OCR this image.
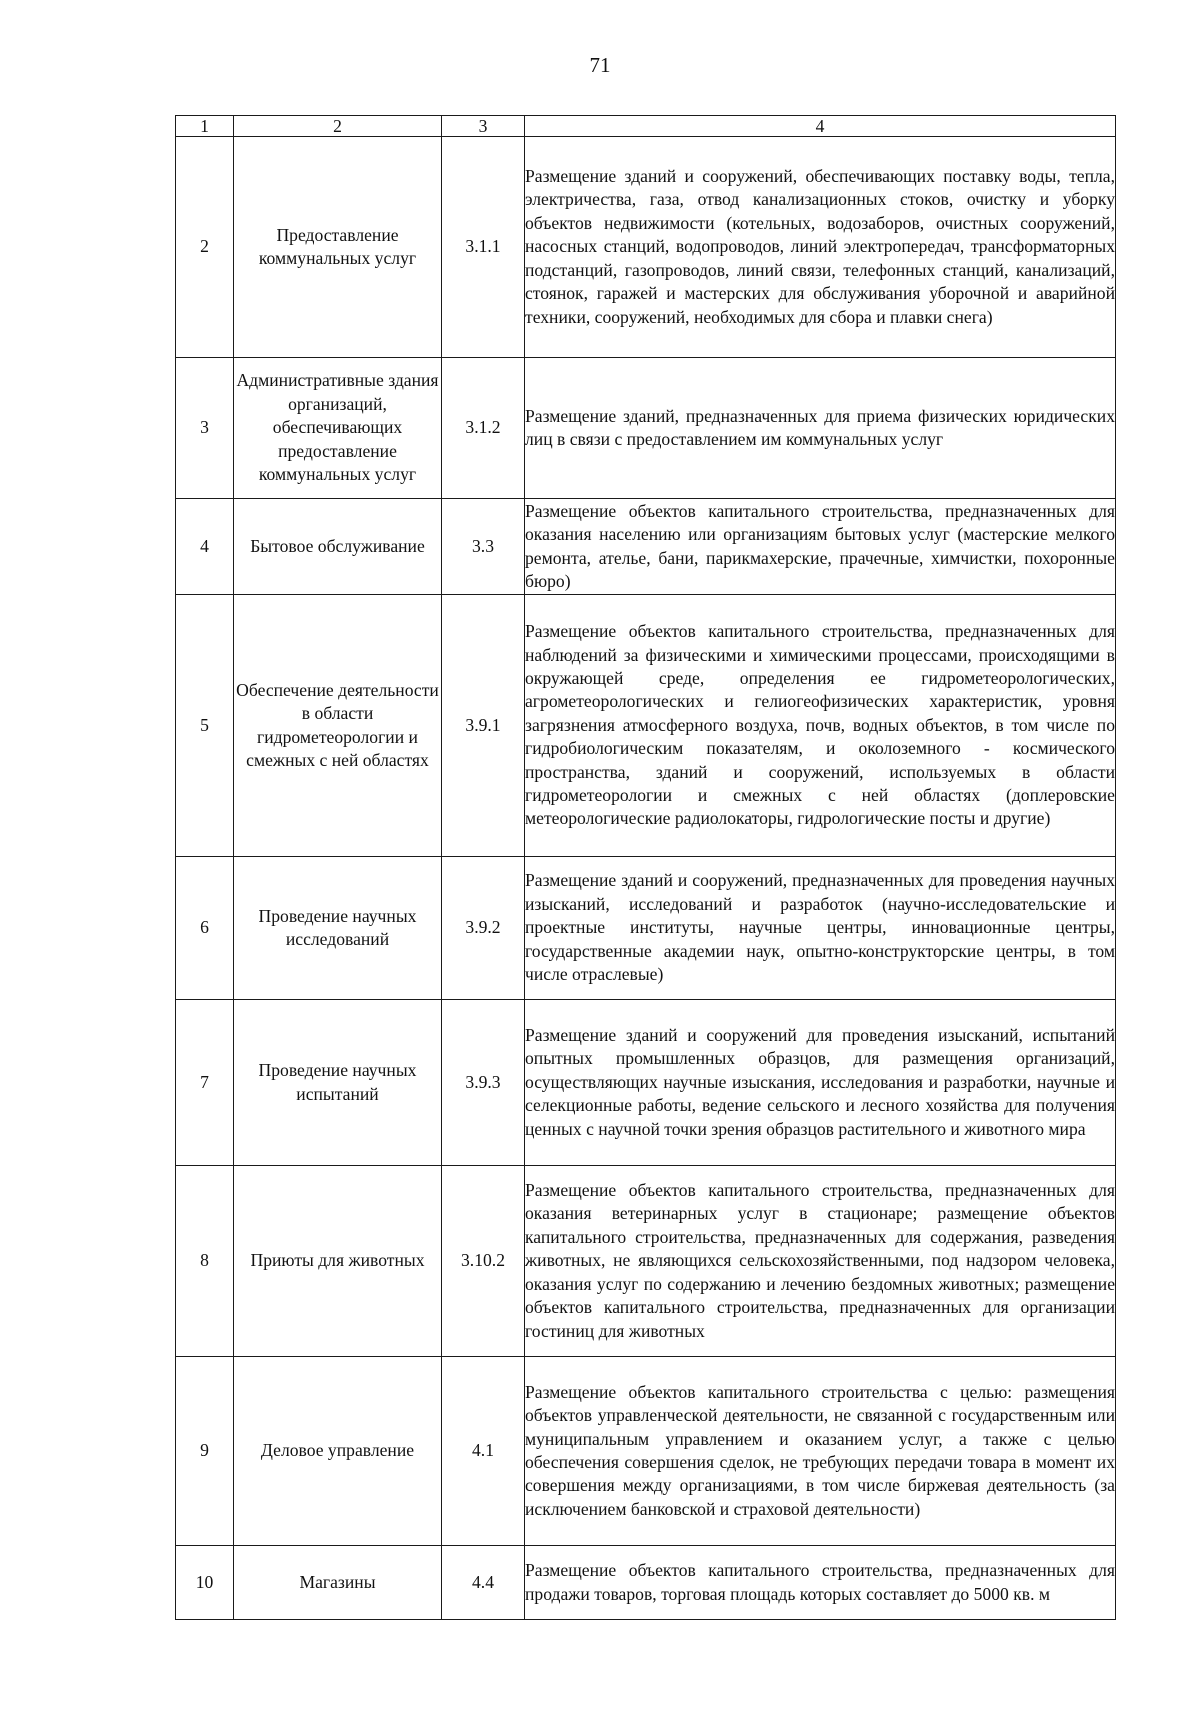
71
1	2	3	4
2	Предоставление коммунальных услуг	3.1.1	Размещение зданий и сооружений, обеспечивающих поставку воды, тепла, электричества, газа, отвод канализационных стоков, очистку и уборку объектов недвижимости (котельных, водозаборов, очистных сооружений, насосных станций, водопроводов, линий электропередач, трансформаторных подстанций, газопроводов, линий связи, телефонных станций, канализаций, стоянок, гаражей и мастерских для обслуживания уборочной и аварийной техники, сооружений, необходимых для сбора и плавки снега)
3	Административные здания организаций, обеспечивающих предоставление коммунальных услуг	3.1.2	Размещение зданий, предназначенных для приема физических юридических лиц в связи с предоставлением им коммунальных услуг
4	Бытовое обслуживание	3.3	Размещение объектов капитального строительства, предназначенных для оказания населению или организациям бытовых услуг (мастерские мелкого ремонта, ателье, бани, парикмахерские, прачечные, химчистки, похоронные бюро)
5	Обеспечение деятельности в области гидрометеорологии и смежных с ней областях	3.9.1	Размещение объектов капитального строительства, предназначенных для наблюдений за физическими и химическими процессами, происходящими в окружающей среде, определения ее гидрометеорологических, агрометеорологических и гелиогеофизических характеристик, уровня загрязнения атмосферного воздуха, почв, водных объектов, в том числе по гидробиологическим показателям, и околоземного - космического пространства, зданий и сооружений, используемых в области гидрометеорологии и смежных с ней областях (доплеровские метеорологические радиолокаторы, гидрологические посты и другие)
6	Проведение научных исследований	3.9.2	Размещение зданий и сооружений, предназначенных для проведения научных изысканий, исследований и разработок (научно-исследовательские и проектные институты, научные центры, инновационные центры, государственные академии наук, опытно-конструкторские центры, в том числе отраслевые)
7	Проведение научных испытаний	3.9.3	Размещение зданий и сооружений для проведения изысканий, испытаний опытных промышленных образцов, для размещения организаций, осуществляющих научные изыскания, исследования и разработки, научные и селекционные работы, ведение сельского и лесного хозяйства для получения ценных с научной точки зрения образцов растительного и животного мира
8	Приюты для животных	3.10.2	Размещение объектов капитального строительства, предназначенных для оказания ветеринарных услуг в стационаре; размещение объектов капитального строительства, предназначенных для содержания, разведения животных, не являющихся сельскохозяйственными, под надзором человека, оказания услуг по содержанию и лечению бездомных животных; размещение объектов капитального строительства, предназначенных для организации гостиниц для животных
9	Деловое управление	4.1	Размещение объектов капитального строительства с целью: размещения объектов управленческой деятельности, не связанной с государственным или муниципальным управлением и оказанием услуг, а также с целью обеспечения совершения сделок, не требующих передачи товара в момент их совершения между организациями, в том числе биржевая деятельность (за исключением банковской и страховой деятельности)
10	Магазины	4.4	Размещение объектов капитального строительства, предназначенных для продажи товаров, торговая площадь которых составляет до 5000 кв. м
